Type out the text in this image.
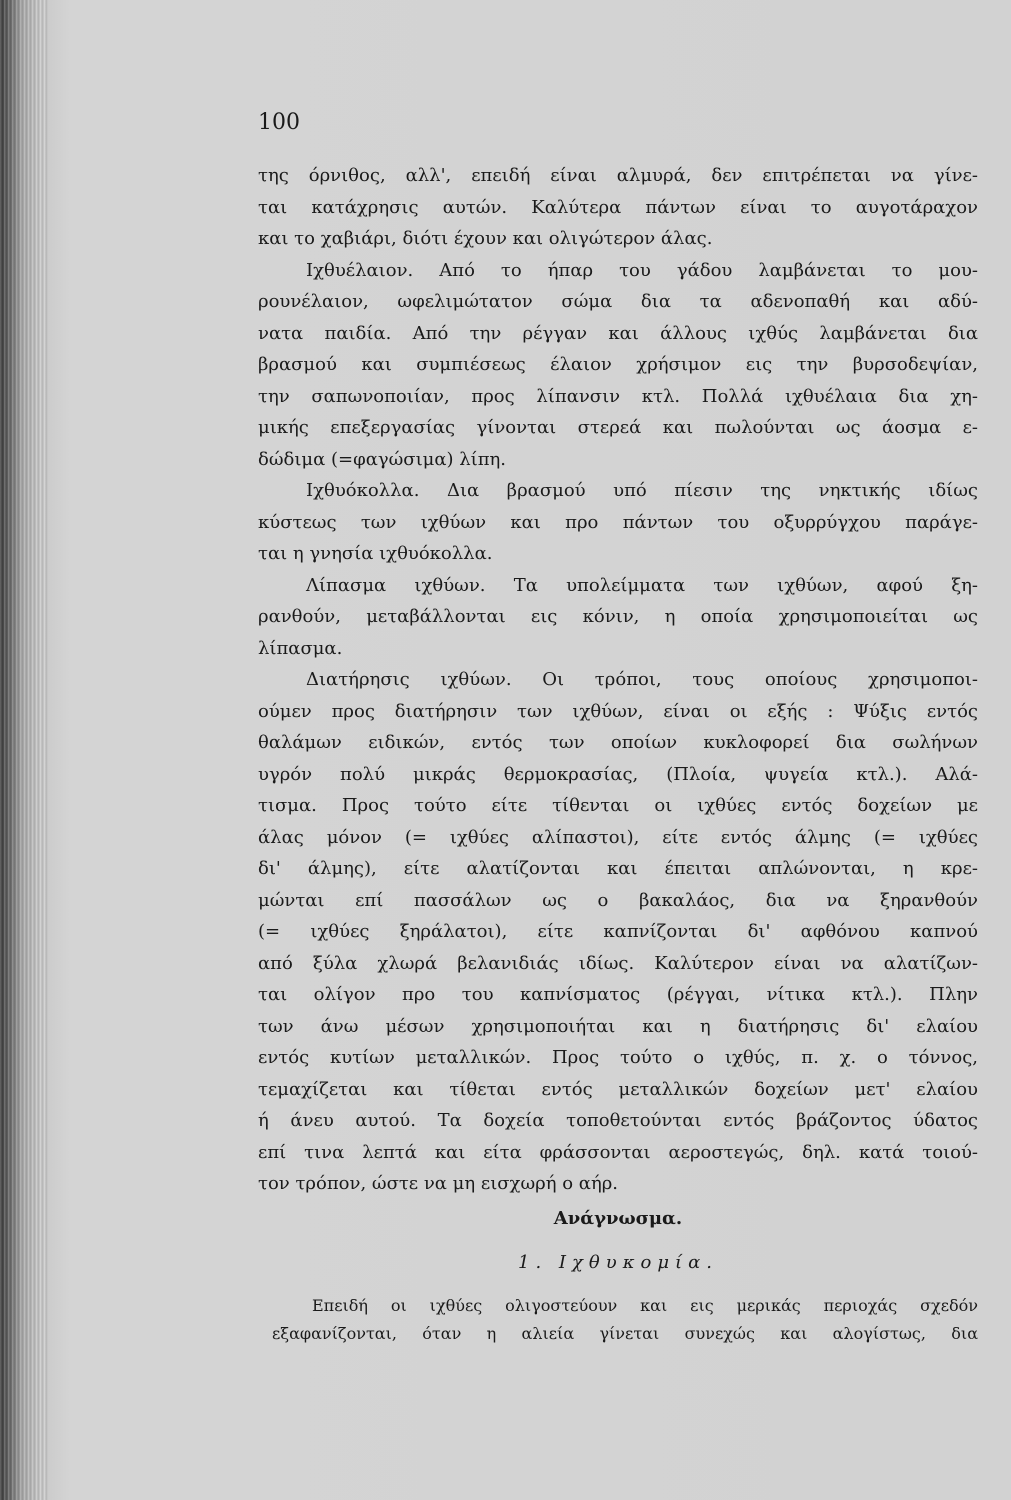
100
της όρνιθος, αλλ', επειδή είναι αλμυρά, δεν επιτρέπεται να γίνε-
ται κατάχρησις αυτών. Καλύτερα πάντων είναι το αυγοτάραχον
και το χαβιάρι, διότι έχουν και ολιγώτερον άλας.
Ιχθυέλαιον. Από το ήπαρ του γάδου λαμβάνεται το μου-
ρουνέλαιον, ωφελιμώτατον σώμα δια τα αδενοπαθή και αδύ-
νατα παιδία. Από την ρέγγαν και άλλους ιχθύς λαμβάνεται δια
βρασμού και συμπιέσεως έλαιον χρήσιμον εις την βυρσοδεψίαν,
την σαπωνοποιίαν, προς λίπανσιν κτλ. Πολλά ιχθυέλαια δια χη-
μικής επεξεργασίας γίνονται στερεά και πωλούνται ως άοσμα ε-
δώδιμα (=φαγώσιμα) λίπη.
Ιχθυόκολλα. Δια βρασμού υπό πίεσιν της νηκτικής ιδίως
κύστεως των ιχθύων και προ πάντων του οξυρρύγχου παράγε-
ται η γνησία ιχθυόκολλα.
Λίπασμα ιχθύων. Τα υπολείμματα των ιχθύων, αφού ξη-
ρανθούν, μεταβάλλονται εις κόνιν, η οποία χρησιμοποιείται ως
λίπασμα.
Διατήρησις ιχθύων. Οι τρόποι, τους οποίους χρησιμοποι-
ούμεν προς διατήρησιν των ιχθύων, είναι οι εξής : Ψύξις εντός
θαλάμων ειδικών, εντός των οποίων κυκλοφορεί δια σωλήνων
υγρόν πολύ μικράς θερμοκρασίας, (Πλοία, ψυγεία κτλ.). Αλά-
τισμα. Προς τούτο είτε τίθενται οι ιχθύες εντός δοχείων με
άλας μόνον (= ιχθύες αλίπαστοι), είτε εντός άλμης (= ιχθύες
δι' άλμης), είτε αλατίζονται και έπειται απλώνονται, η κρε-
μώνται επί πασσάλων ως ο βακαλάος, δια να ξηρανθούν
(= ιχθύες ξηράλατοι), είτε καπνίζονται δι' αφθόνου καπνού
από ξύλα χλωρά βελανιδιάς ιδίως. Καλύτερον είναι να αλατίζων-
ται ολίγον προ του καπνίσματος (ρέγγαι, νίτικα κτλ.). Πλην
των άνω μέσων χρησιμοποιήται και η διατήρησις δι' ελαίου
εντός κυτίων μεταλλικών. Προς τούτο ο ιχθύς, π. χ. ο τόννος,
τεμαχίζεται και τίθεται εντός μεταλλικών δοχείων μετ' ελαίου
ή άνευ αυτού. Τα δοχεία τοποθετούνται εντός βράζοντος ύδατος
επί τινα λεπτά και είτα φράσσονται αεροστεγώς, δηλ. κατά τοιού-
τον τρόπον, ώστε να μη εισχωρή ο αήρ.
Ανάγνωσμα.
1. Ιχθυκομία.
Επειδή οι ιχθύες ολιγοστεύουν και εις μερικάς περιοχάς σχεδόν
εξαφανίζονται, όταν η αλιεία γίνεται συνεχώς και αλογίστως, δια
